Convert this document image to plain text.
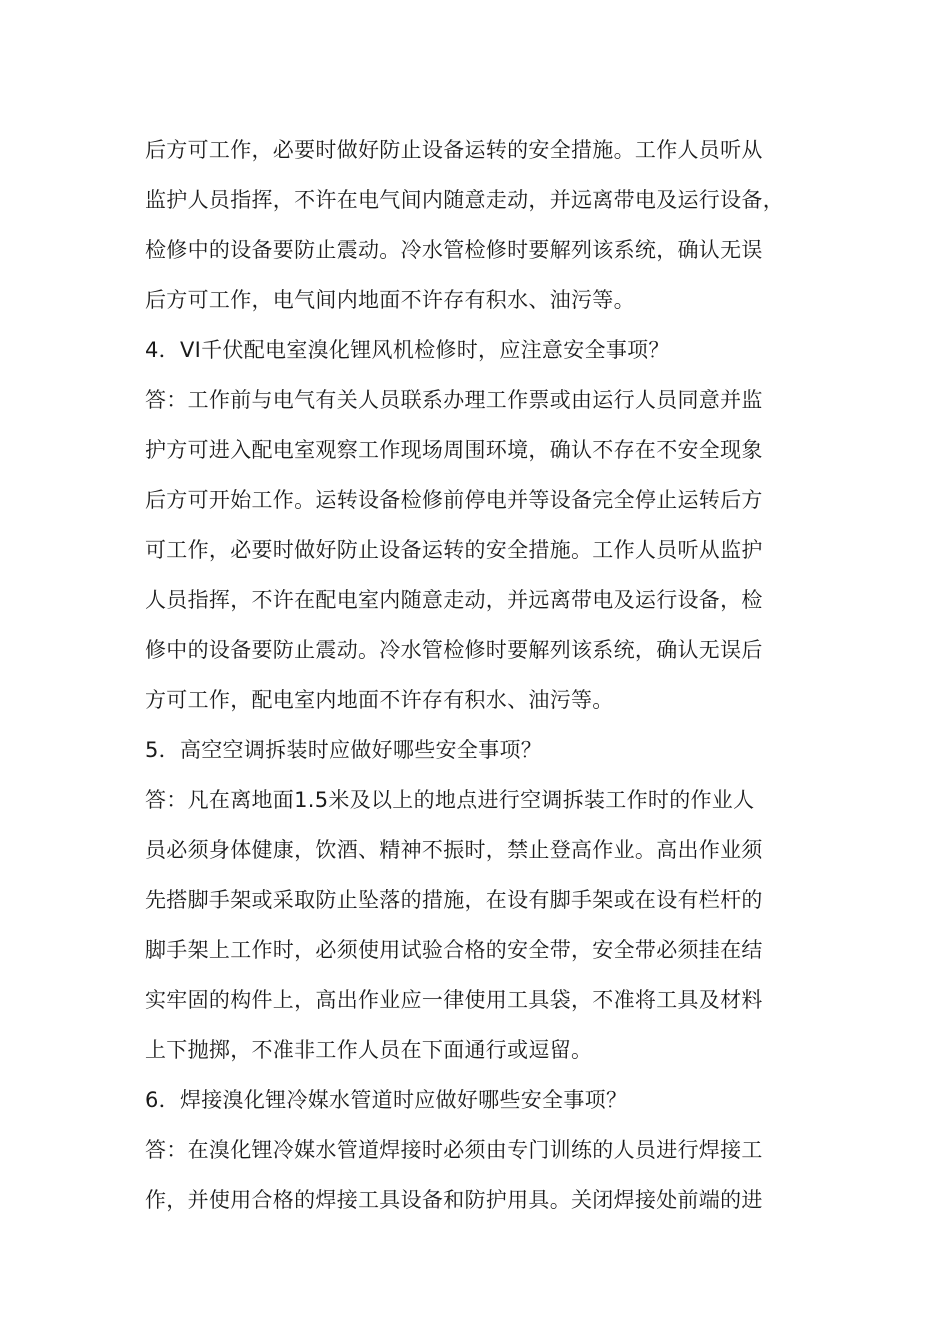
后方可工作，必要时做好防止设备运转的安全措施。工作人员听从
监护人员指挥，不许在电气间内随意走动，并远离带电及运行设备，
检修中的设备要防止震动。冷水管检修时要解列该系统，确认无误
后方可工作，电气间内地面不许存有积水、油污等。
4．VI千伏配电室溴化锂风机检修时，应注意安全事项？
答：工作前与电气有关人员联系办理工作票或由运行人员同意并监
护方可进入配电室观察工作现场周围环境，确认不存在不安全现象
后方可开始工作。运转设备检修前停电并等设备完全停止运转后方
可工作，必要时做好防止设备运转的安全措施。工作人员听从监护
人员指挥，不许在配电室内随意走动，并远离带电及运行设备，检
修中的设备要防止震动。冷水管检修时要解列该系统，确认无误后
方可工作，配电室内地面不许存有积水、油污等。
5．高空空调拆装时应做好哪些安全事项？
答：凡在离地面1.5米及以上的地点进行空调拆装工作时的作业人
员必须身体健康，饮酒、精神不振时，禁止登高作业。高出作业须
先搭脚手架或采取防止坠落的措施，在设有脚手架或在设有栏杆的
脚手架上工作时，必须使用试验合格的安全带，安全带必须挂在结
实牢固的构件上，高出作业应一律使用工具袋，不准将工具及材料
上下抛掷，不准非工作人员在下面通行或逗留。
6．焊接溴化锂冷媒水管道时应做好哪些安全事项？
答：在溴化锂冷媒水管道焊接时必须由专门训练的人员进行焊接工
作，并使用合格的焊接工具设备和防护用具。关闭焊接处前端的进
